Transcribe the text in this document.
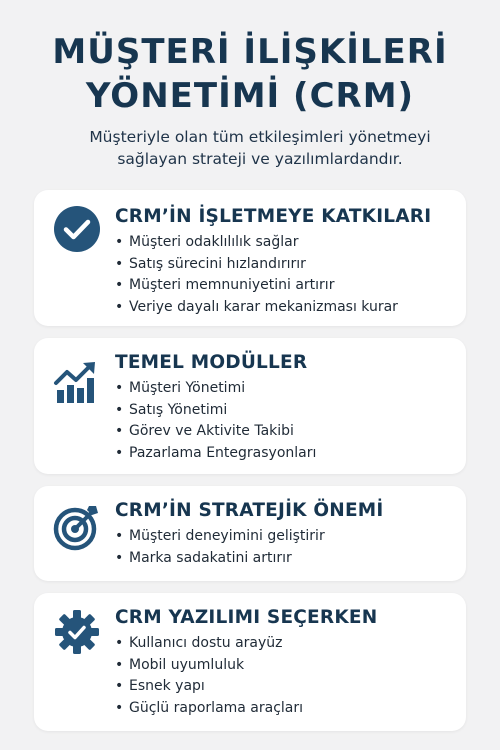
MÜŞTERİ İLİŞKİLERİ
YÖNETİMİ (CRM)
Müşteriyle olan tüm etkileşimleri yönetmeyi
sağlayan strateji ve yazılımlardandır.
CRM’İN İŞLETMEYE KATKILARI
• Müşteri odaklılılık sağlar
• Satış sürecini hızlandırırır
• Müşteri memnuniyetini artırır
• Veriye dayalı karar mekanizması kurar
TEMEL MODÜLLER
• Müşteri Yönetimi
• Satış Yönetimi
• Görev ve Aktivite Takibi
• Pazarlama Entegrasyonları
CRM’İN STRATEJİK ÖNEMİ
• Müşteri deneyimini geliştirir
• Marka sadakatini artırır
CRM YAZILIMI SEÇERKEN
• Kullanıcı dostu arayüz
• Mobil uyumluluk
• Esnek yapı
• Güçlü raporlama araçları
